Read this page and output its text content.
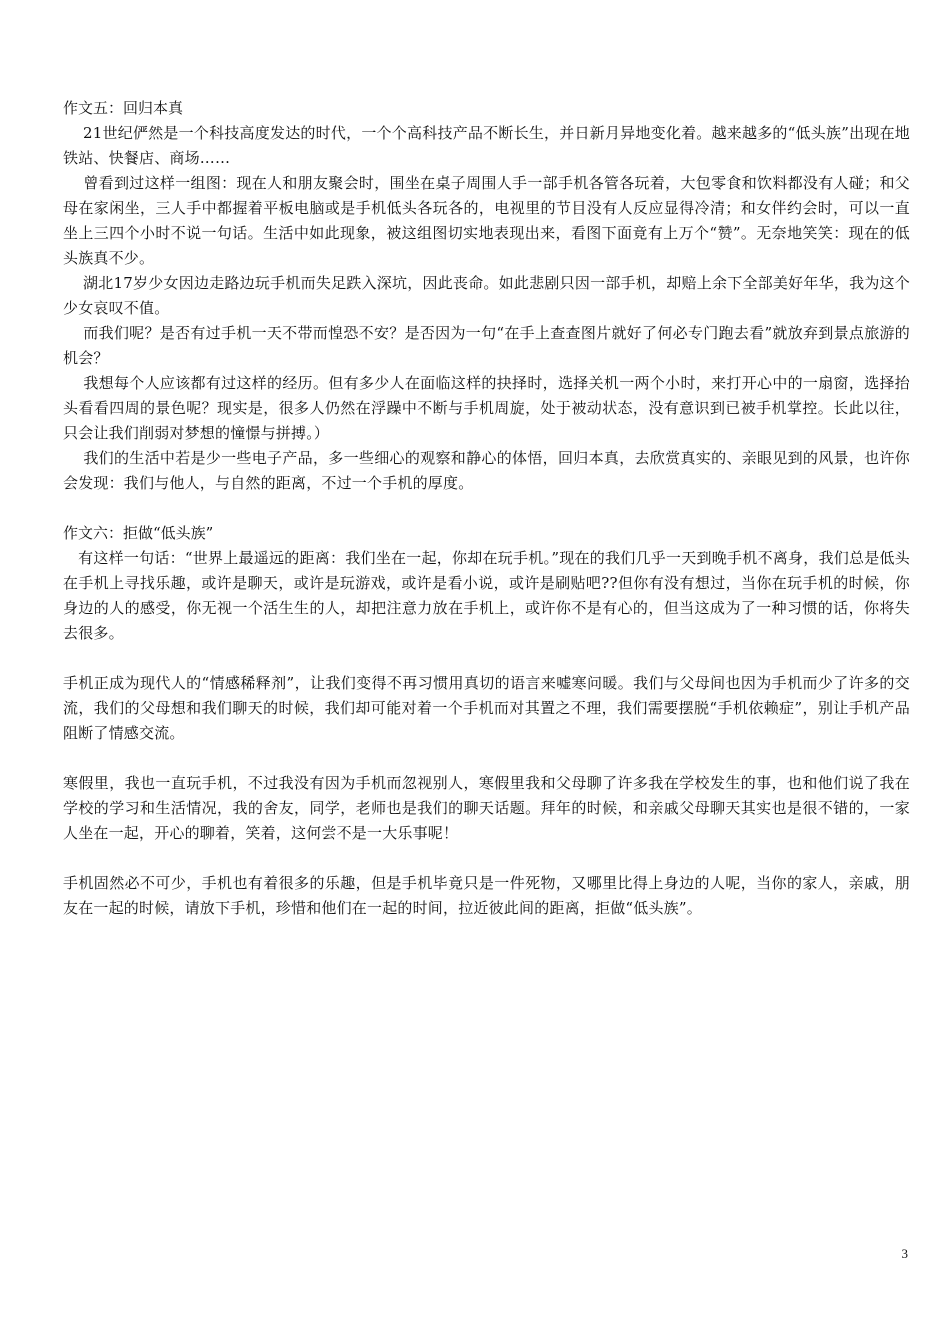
作文五：回归本真

21世纪俨然是一个科技高度发达的时代，一个个高科技产品不断长生，并日新月异地变化着。越来越多的“低头族”出现在地铁站、快餐店、商场……

曾看到过这样一组图：现在人和朋友聚会时，围坐在桌子周围人手一部手机各管各玩着，大包零食和饮料都没有人碰；和父母在家闲坐，三人手中都握着平板电脑或是手机低头各玩各的，电视里的节目没有人反应显得冷清；和女伴约会时，可以一直坐上三四个小时不说一句话。生活中如此现象，被这组图切实地表现出来，看图下面竟有上万个“赞”。无奈地笑笑：现在的低头族真不少。

湖北17岁少女因边走路边玩手机而失足跌入深坑，因此丧命。如此悲剧只因一部手机，却赔上余下全部美好年华，我为这个少女哀叹不值。

而我们呢？是否有过手机一天不带而惶恐不安？是否因为一句“在手上查查图片就好了何必专门跑去看”就放弃到景点旅游的机会？

我想每个人应该都有过这样的经历。但有多少人在面临这样的抉择时，选择关机一两个小时，来打开心中的一扇窗，选择抬头看看四周的景色呢？现实是，很多人仍然在浮躁中不断与手机周旋，处于被动状态，没有意识到已被手机掌控。长此以往，只会让我们削弱对梦想的憧憬与拼搏。）

我们的生活中若是少一些电子产品，多一些细心的观察和静心的体悟，回归本真，去欣赏真实的、亲眼见到的风景，也许你会发现：我们与他人，与自然的距离，不过一个手机的厚度。

作文六：拒做“低头族”

有这样一句话：“世界上最遥远的距离：我们坐在一起，你却在玩手机。”现在的我们几乎一天到晚手机不离身，我们总是低头在手机上寻找乐趣，或许是聊天，或许是玩游戏，或许是看小说，或许是刷贴吧??但你有没有想过，当你在玩手机的时候，你身边的人的感受，你无视一个活生生的人，却把注意力放在手机上，或许你不是有心的，但当这成为了一种习惯的话，你将失去很多。

手机正成为现代人的“情感稀释剂”，让我们变得不再习惯用真切的语言来嘘寒问暖。我们与父母间也因为手机而少了许多的交流，我们的父母想和我们聊天的时候，我们却可能对着一个手机而对其置之不理，我们需要摆脱“手机依赖症”，别让手机产品阻断了情感交流。

寒假里，我也一直玩手机，不过我没有因为手机而忽视别人，寒假里我和父母聊了许多我在学校发生的事，也和他们说了我在学校的学习和生活情况，我的舍友，同学，老师也是我们的聊天话题。拜年的时候，和亲戚父母聊天其实也是很不错的，一家人坐在一起，开心的聊着，笑着，这何尝不是一大乐事呢！

手机固然必不可少，手机也有着很多的乐趣，但是手机毕竟只是一件死物，又哪里比得上身边的人呢，当你的家人，亲戚，朋友在一起的时候，请放下手机，珍惜和他们在一起的时间，拉近彼此间的距离，拒做“低头族”。

3
